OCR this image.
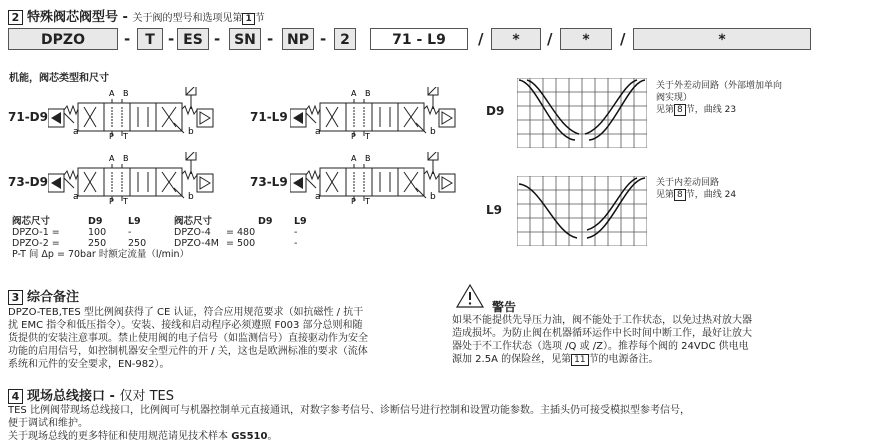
2 特殊阀芯阀型号 - 关于阀的型号和选项见第 1 节
DPZO	-	T - ES - SN - NP - 2	71 - L9	/	*	/	*	/	*
机能，阀芯类型和尺寸
71-D9
A B
P T
a	b
71-L9
A B
P T
a	b
73-D9
A B
P T
a	b
73-L9
A B
P T
a	b
阀芯尺寸	D9	L9
DPZO-1 =	100	-
DPZO-2 =	250	250
阀芯尺寸		D9	L9
DPZO-4	= 480		-
DPZO-4M	= 500		-
P-T 间 Δp = 70bar 时额定流量（l/min）
D9
关于外差动回路（外部增加单向
阀实现）
见第 8 节，曲线 23
L9
关于内差动回路
见第 8 节，曲线 24
3 综合备注
DPZO-TEB,TES 型比例阀获得了 CE 认证，符合应用规范要求（如抗磁性 / 抗干
扰 EMC 指令和低压指令）。安装、接线和启动程序必须遵照 F003 部分总则和随
货提供的安装注意事项。禁止使用阀的电子信号（如监测信号）直接驱动作为安全
功能的启用信号，如控制机器安全型元件的开 / 关，这也是欧洲标准的要求（流体
系统和元件的安全要求，EN-982）。
警告
如果不能提供先导压力油，阀不能处于工作状态，以免过热对放大器
造成损坏。为防止阀在机器循环运作中长时间中断工作，最好让放大
器处于不工作状态（选项 /Q 或 /Z）。推荐每个阀的 24VDC 供电电
源加 2.5A 的保险丝，见第 11 节的电源备注。
4 现场总线接口 - 仅对 TES
TES 比例阀带现场总线接口，比例阀可与机器控制单元直接通讯，对数字参考信号、诊断信号进行控制和设置功能参数。主插头仍可接受模拟型参考信号，
便于调试和维护。
关于现场总线的更多特征和使用规范请见技术样本 GS510。
